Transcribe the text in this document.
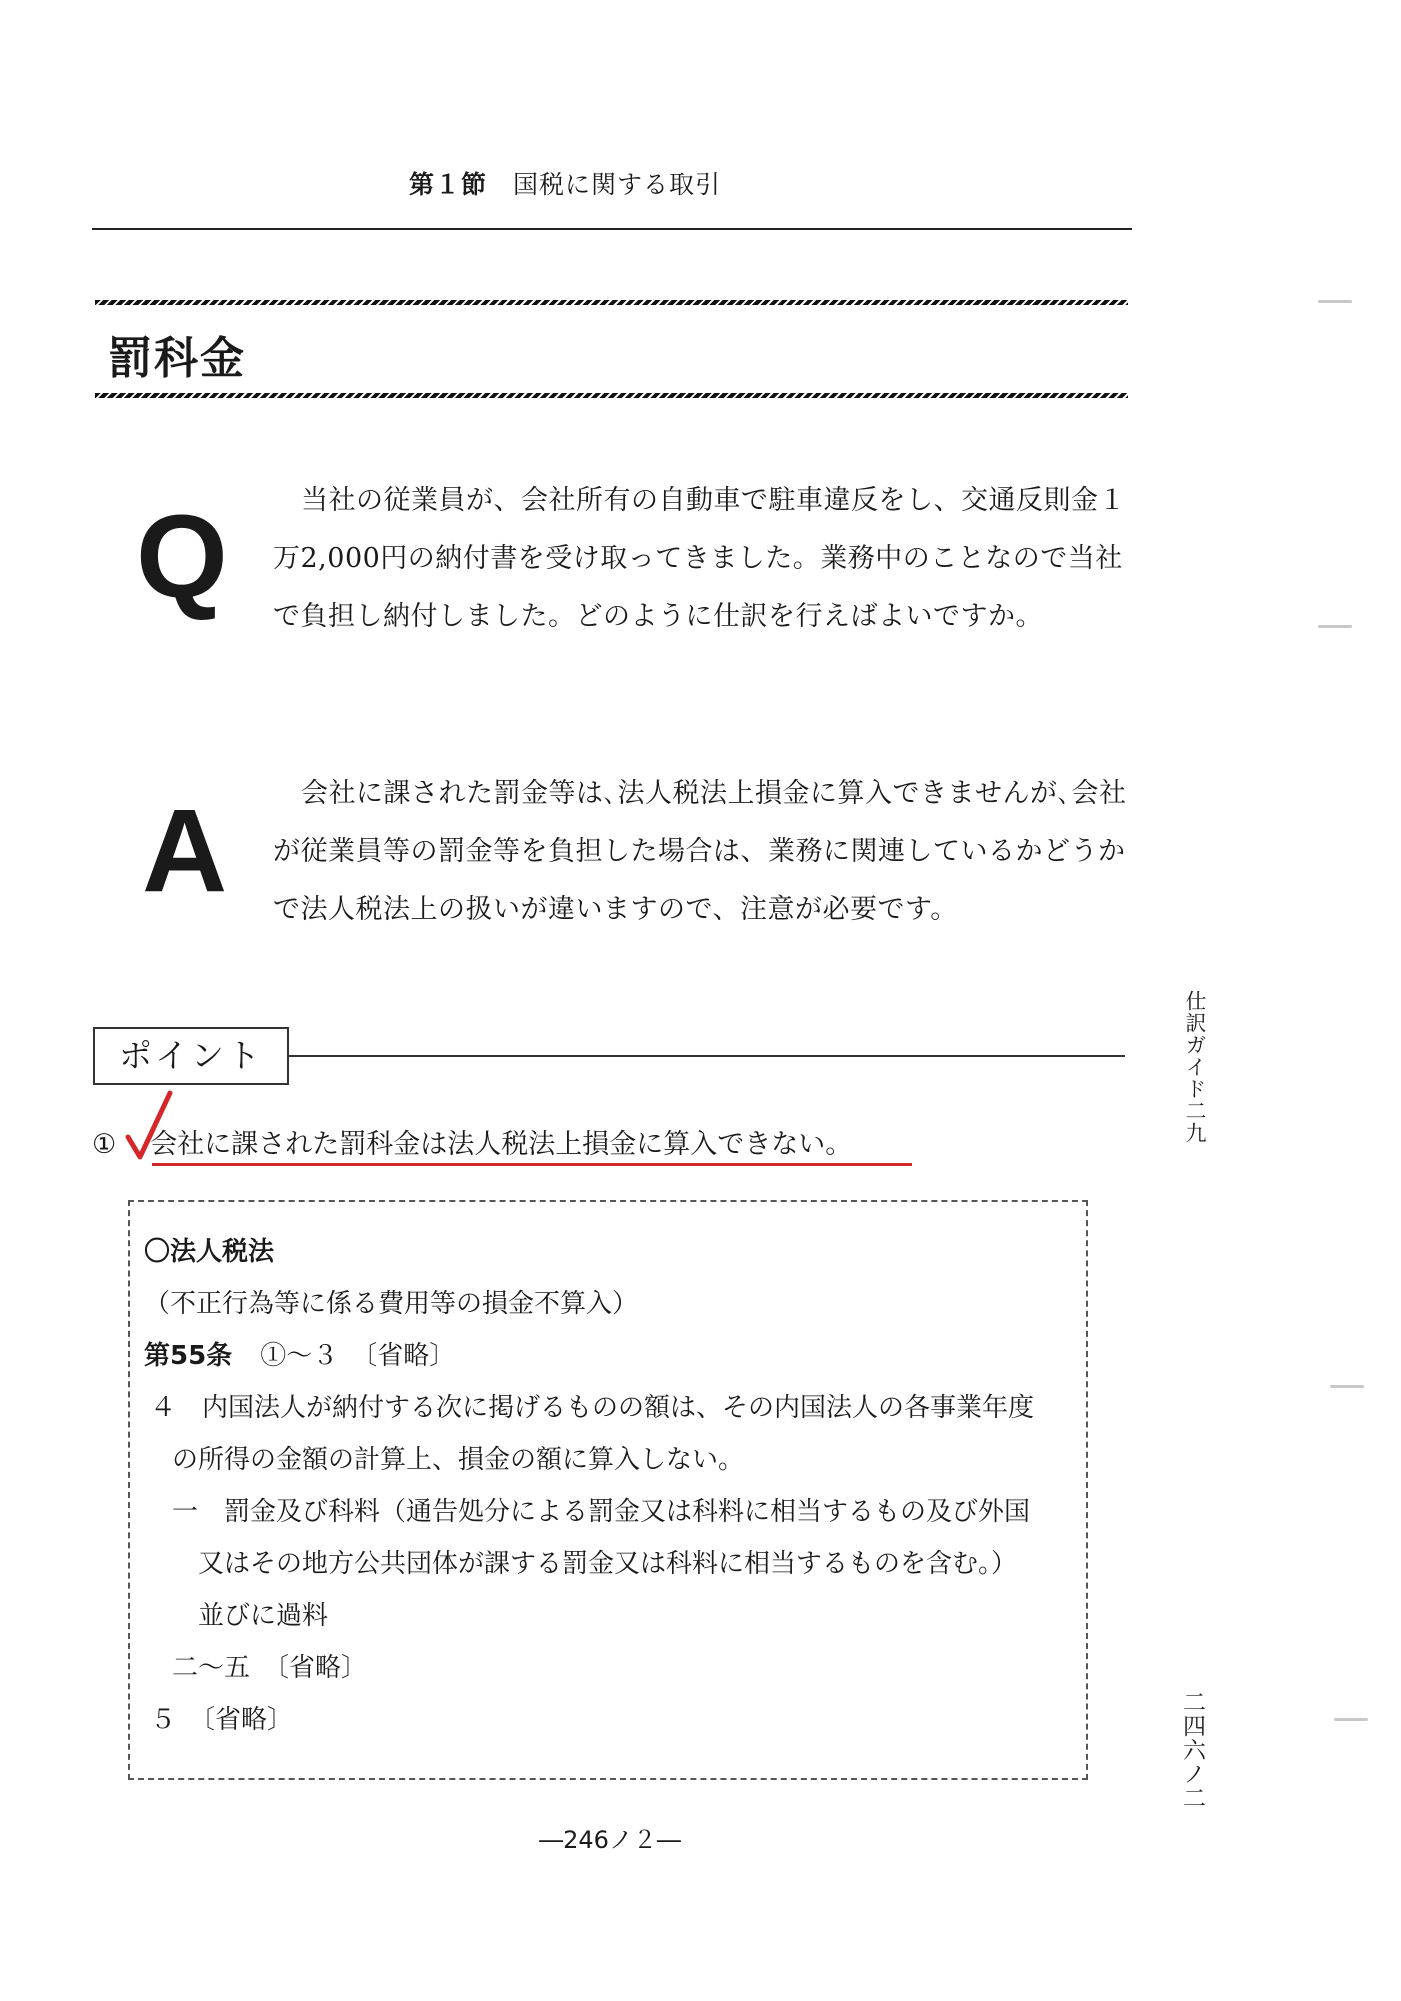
第１節 国税に関する取引
罰科金
Q	当社の従業員が、会社所有の自動車で駐車違反をし、交通反則金１万2,000円の納付書を受け取ってきました。業務中のことなので当社で負担し納付しました。どのように仕訳を行えばよいですか。
A	会社に課された罰金等は､法人税法上損金に算入できませんが､会社が従業員等の罰金等を負担した場合は、業務に関連しているかどうかで法人税法上の扱いが違いますので、注意が必要です。
ポイント
① 会社に課された罰科金は法人税法上損金に算入できない。
〇法人税法
（不正行為等に係る費用等の損金不算入）
第55条 ①～３　〔省略〕
４　内国法人が納付する次に掲げるものの額は、その内国法人の各事業年度
の所得の金額の計算上、損金の額に算入しない。
一　罰金及び科料（通告処分による罰金又は科料に相当するもの及び外国
又はその地方公共団体が課する罰金又は科料に相当するものを含む。）
並びに過料
二～五　〔省略〕
５　〔省略〕
―246ノ２―
仕訳ガイド二九
二四六ノ二
